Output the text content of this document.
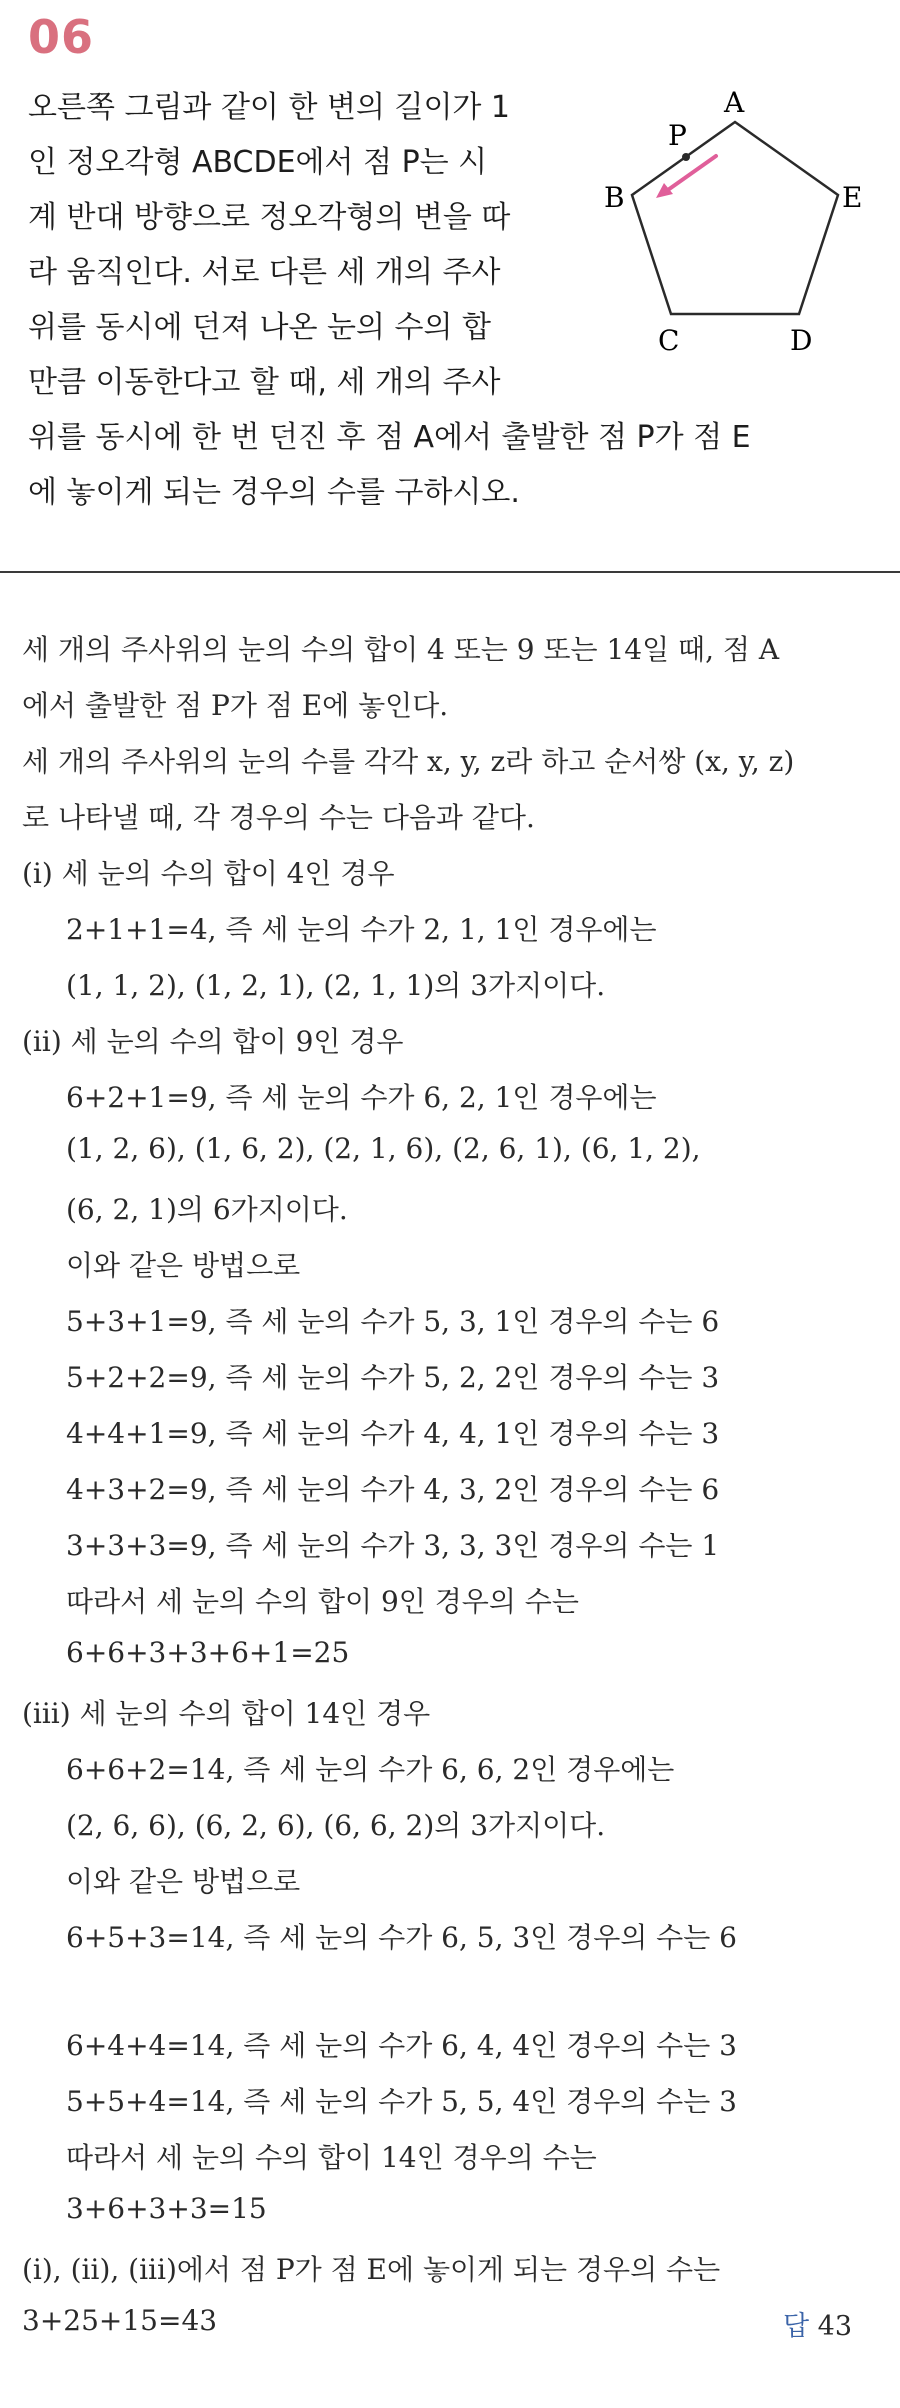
06
오른쪽 그림과 같이 한 변의 길이가 1
인 정오각형 ABCDE에서 점 P는 시
계 반대 방향으로 정오각형의 변을 따
라 움직인다. 서로 다른 세 개의 주사
위를 동시에 던져 나온 눈의 수의 합
만큼 이동한다고 할 때, 세 개의 주사
위를 동시에 한 번 던진 후 점 A에서 출발한 점 P가 점 E
에 놓이게 되는 경우의 수를 구하시오.
A
P
B	E
C	D
세 개의 주사위의 눈의 수의 합이 4 또는 9 또는 14일 때, 점 A
에서 출발한 점 P가 점 E에 놓인다.
세 개의 주사위의 눈의 수를 각각 x, y, z라 하고 순서쌍 (x, y, z)
로 나타낼 때, 각 경우의 수는 다음과 같다.
(ⅰ) 세 눈의 수의 합이 4인 경우
2+1+1=4, 즉 세 눈의 수가 2, 1, 1인 경우에는
(1, 1, 2), (1, 2, 1), (2, 1, 1)의 3가지이다.
(ⅱ) 세 눈의 수의 합이 9인 경우
6+2+1=9, 즉 세 눈의 수가 6, 2, 1인 경우에는
(1, 2, 6), (1, 6, 2), (2, 1, 6), (2, 6, 1), (6, 1, 2),
(6, 2, 1)의 6가지이다.
이와 같은 방법으로
5+3+1=9, 즉 세 눈의 수가 5, 3, 1인 경우의 수는 6
5+2+2=9, 즉 세 눈의 수가 5, 2, 2인 경우의 수는 3
4+4+1=9, 즉 세 눈의 수가 4, 4, 1인 경우의 수는 3
4+3+2=9, 즉 세 눈의 수가 4, 3, 2인 경우의 수는 6
3+3+3=9, 즉 세 눈의 수가 3, 3, 3인 경우의 수는 1
따라서 세 눈의 수의 합이 9인 경우의 수는
6+6+3+3+6+1=25
(ⅲ) 세 눈의 수의 합이 14인 경우
6+6+2=14, 즉 세 눈의 수가 6, 6, 2인 경우에는
(2, 6, 6), (6, 2, 6), (6, 6, 2)의 3가지이다.
이와 같은 방법으로
6+5+3=14, 즉 세 눈의 수가 6, 5, 3인 경우의 수는 6
6+4+4=14, 즉 세 눈의 수가 6, 4, 4인 경우의 수는 3
5+5+4=14, 즉 세 눈의 수가 5, 5, 4인 경우의 수는 3
따라서 세 눈의 수의 합이 14인 경우의 수는
3+6+3+3=15
(ⅰ), (ⅱ), (ⅲ)에서 점 P가 점 E에 놓이게 되는 경우의 수는
3+25+15=43	답 43
